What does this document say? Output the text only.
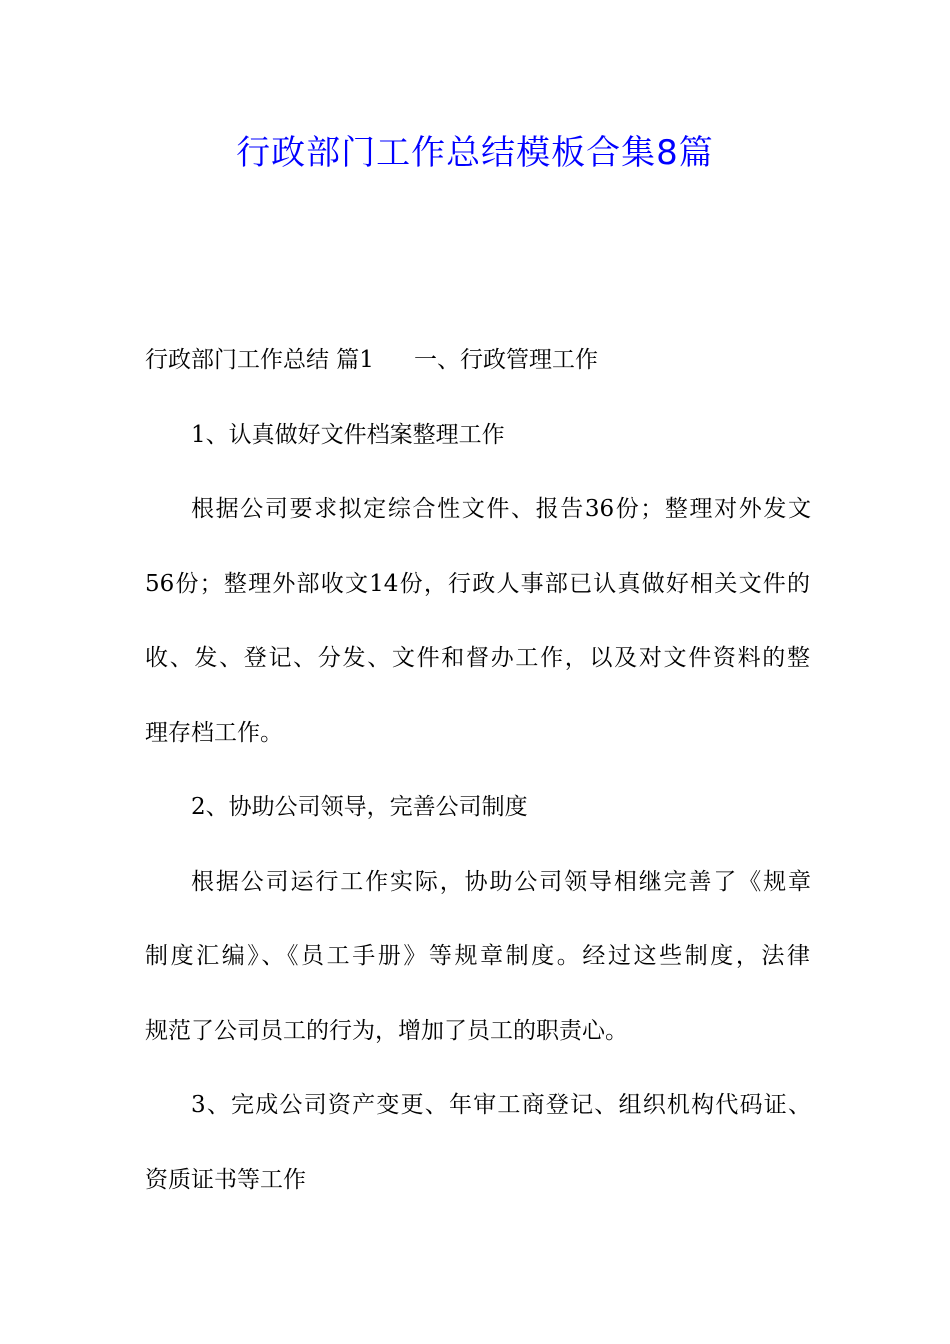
行政部门工作总结模板合集8篇
行政部门工作总结 篇1 一、行政管理工作
1、认真做好文件档案整理工作
根据公司要求拟定综合性文件、报告36份；整理对外发文
56份；整理外部收文14份，行政人事部已认真做好相关文件的
收、发、登记、分发、文件和督办工作，以及对文件资料的整
理存档工作。
2、协助公司领导，完善公司制度
根据公司运行工作实际，协助公司领导相继完善了《规章
制度汇编》、《员工手册》等规章制度。经过这些制度，法律
规范了公司员工的行为，增加了员工的职责心。
3、完成公司资产变更、年审工商登记、组织机构代码证、
资质证书等工作
